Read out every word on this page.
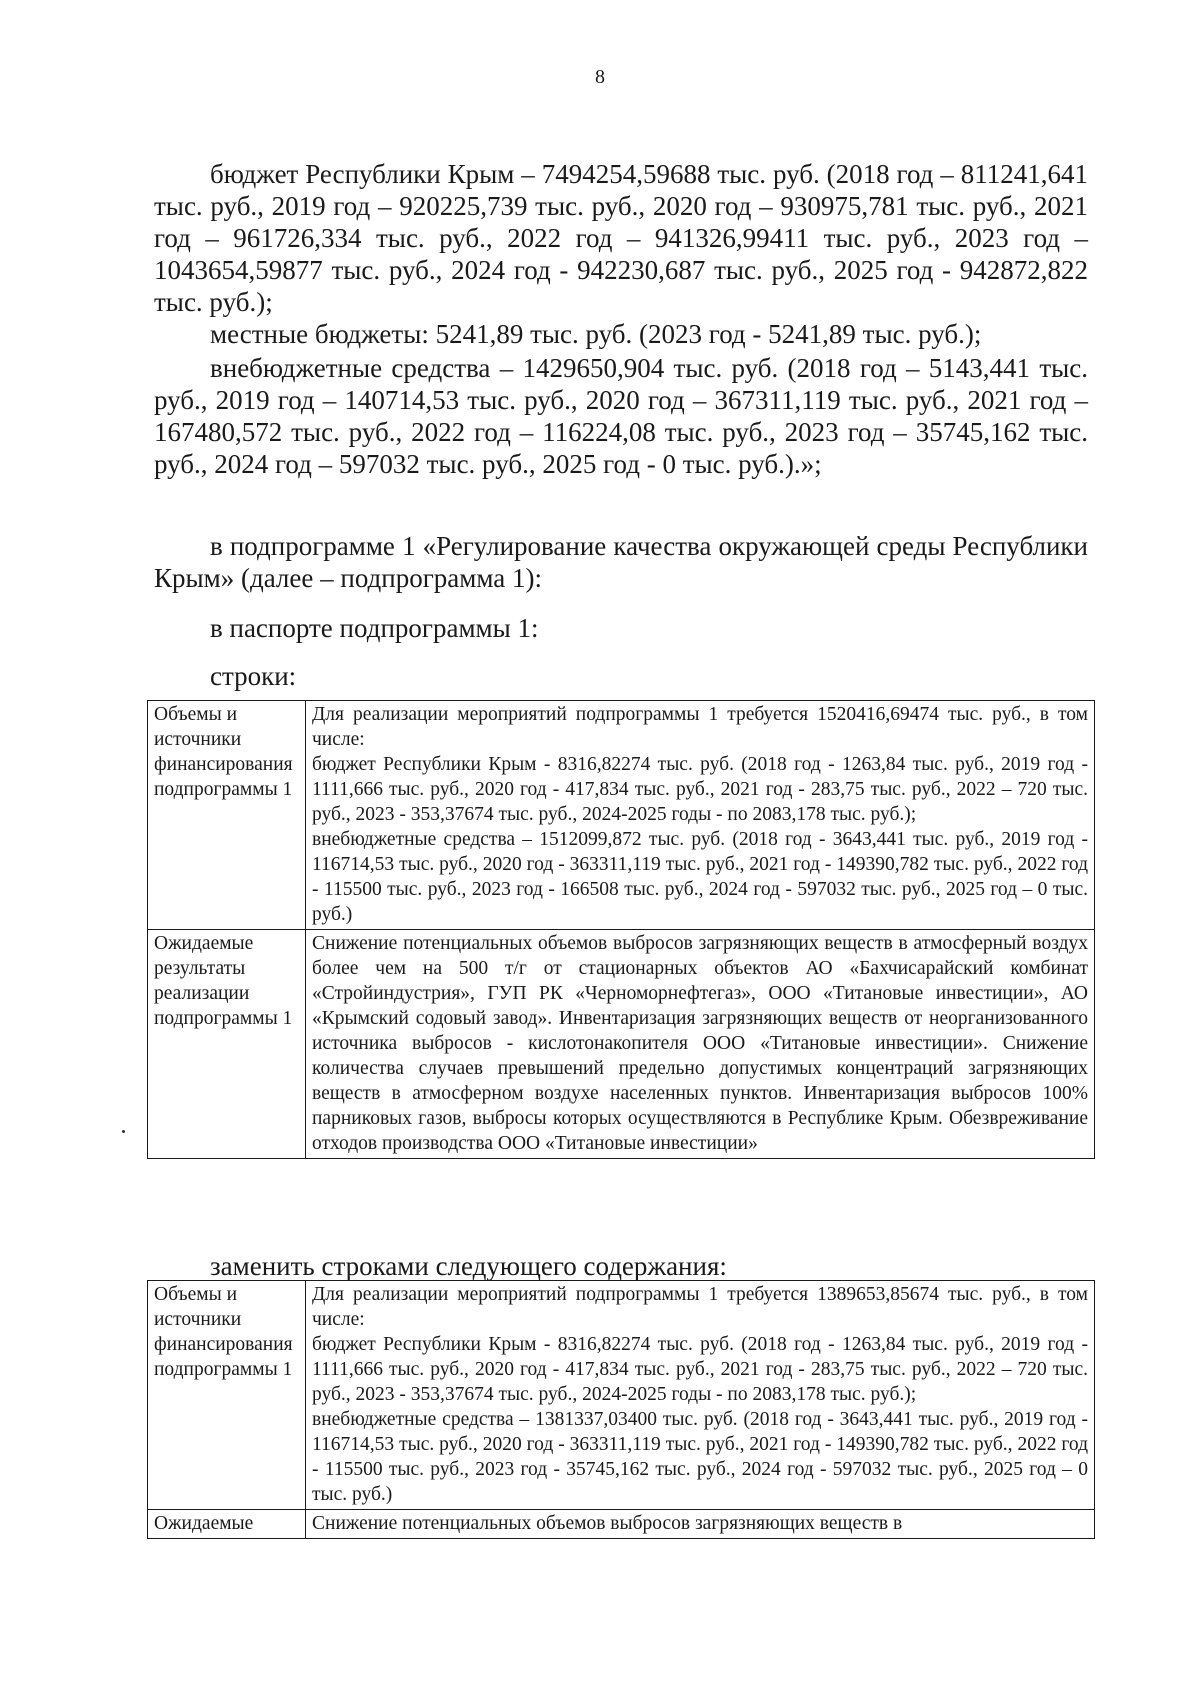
8

бюджет Республики Крым – 7494254,59688 тыс. руб. (2018 год – 811241,641 тыс. руб., 2019 год – 920225,739 тыс. руб., 2020 год – 930975,781 тыс. руб., 2021 год – 961726,334 тыс. руб., 2022 год – 941326,99411 тыс. руб., 2023 год – 1043654,59877 тыс. руб., 2024 год - 942230,687 тыс. руб., 2025 год - 942872,822 тыс. руб.);

местные бюджеты: 5241,89 тыс. руб. (2023 год - 5241,89 тыс. руб.);

внебюджетные средства – 1429650,904 тыс. руб. (2018 год – 5143,441 тыс. руб., 2019 год – 140714,53 тыс. руб., 2020 год – 367311,119 тыс. руб., 2021 год – 167480,572 тыс. руб., 2022 год – 116224,08 тыс. руб., 2023 год – 35745,162 тыс. руб., 2024 год – 597032 тыс. руб., 2025 год - 0 тыс. руб.).»;

в подпрограмме 1 «Регулирование качества окружающей среды Республики Крым» (далее – подпрограмма 1):

в паспорте подпрограммы 1:

строки:

Объемы и источники финансирования подпрограммы 1	Для реализации мероприятий подпрограммы 1 требуется 1520416,69474 тыс. руб., в том числе:
бюджет Республики Крым - 8316,82274 тыс. руб. (2018 год - 1263,84 тыс. руб., 2019 год - 1111,666 тыс. руб., 2020 год - 417,834 тыс. руб., 2021 год - 283,75 тыс. руб., 2022 – 720 тыс. руб., 2023 - 353,37674 тыс. руб., 2024-2025 годы - по 2083,178 тыс. руб.);
внебюджетные средства – 1512099,872 тыс. руб. (2018 год - 3643,441 тыс. руб., 2019 год - 116714,53 тыс. руб., 2020 год - 363311,119 тыс. руб., 2021 год - 149390,782 тыс. руб., 2022 год - 115500 тыс. руб., 2023 год - 166508 тыс. руб., 2024 год - 597032 тыс. руб., 2025 год – 0 тыс. руб.)

Ожидаемые результаты реализации подпрограммы 1	Снижение потенциальных объемов выбросов загрязняющих веществ в атмосферный воздух более чем на 500 т/г от стационарных объектов АО «Бахчисарайский комбинат «Стройиндустрия», ГУП РК «Черноморнефтегаз», ООО «Титановые инвестиции», АО «Крымский содовый завод». Инвентаризация загрязняющих веществ от неорганизованного источника выбросов - кислотонакопителя ООО «Титановые инвестиции». Снижение количества случаев превышений предельно допустимых концентраций загрязняющих веществ в атмосферном воздухе населенных пунктов. Инвентаризация выбросов 100% парниковых газов, выбросы которых осуществляются в Республике Крым. Обезвреживание отходов производства ООО «Титановые инвестиции»

заменить строками следующего содержания:

Объемы и источники финансирования подпрограммы 1	Для реализации мероприятий подпрограммы 1 требуется 1389653,85674 тыс. руб., в том числе:
бюджет Республики Крым - 8316,82274 тыс. руб. (2018 год - 1263,84 тыс. руб., 2019 год - 1111,666 тыс. руб., 2020 год - 417,834 тыс. руб., 2021 год - 283,75 тыс. руб., 2022 – 720 тыс. руб., 2023 - 353,37674 тыс. руб., 2024-2025 годы - по 2083,178 тыс. руб.);
внебюджетные средства – 1381337,03400 тыс. руб. (2018 год - 3643,441 тыс. руб., 2019 год - 116714,53 тыс. руб., 2020 год - 363311,119 тыс. руб., 2021 год - 149390,782 тыс. руб., 2022 год - 115500 тыс. руб., 2023 год - 35745,162 тыс. руб., 2024 год - 597032 тыс. руб., 2025 год – 0 тыс. руб.)

Ожидаемые	Снижение потенциальных объемов выбросов загрязняющих веществ в
